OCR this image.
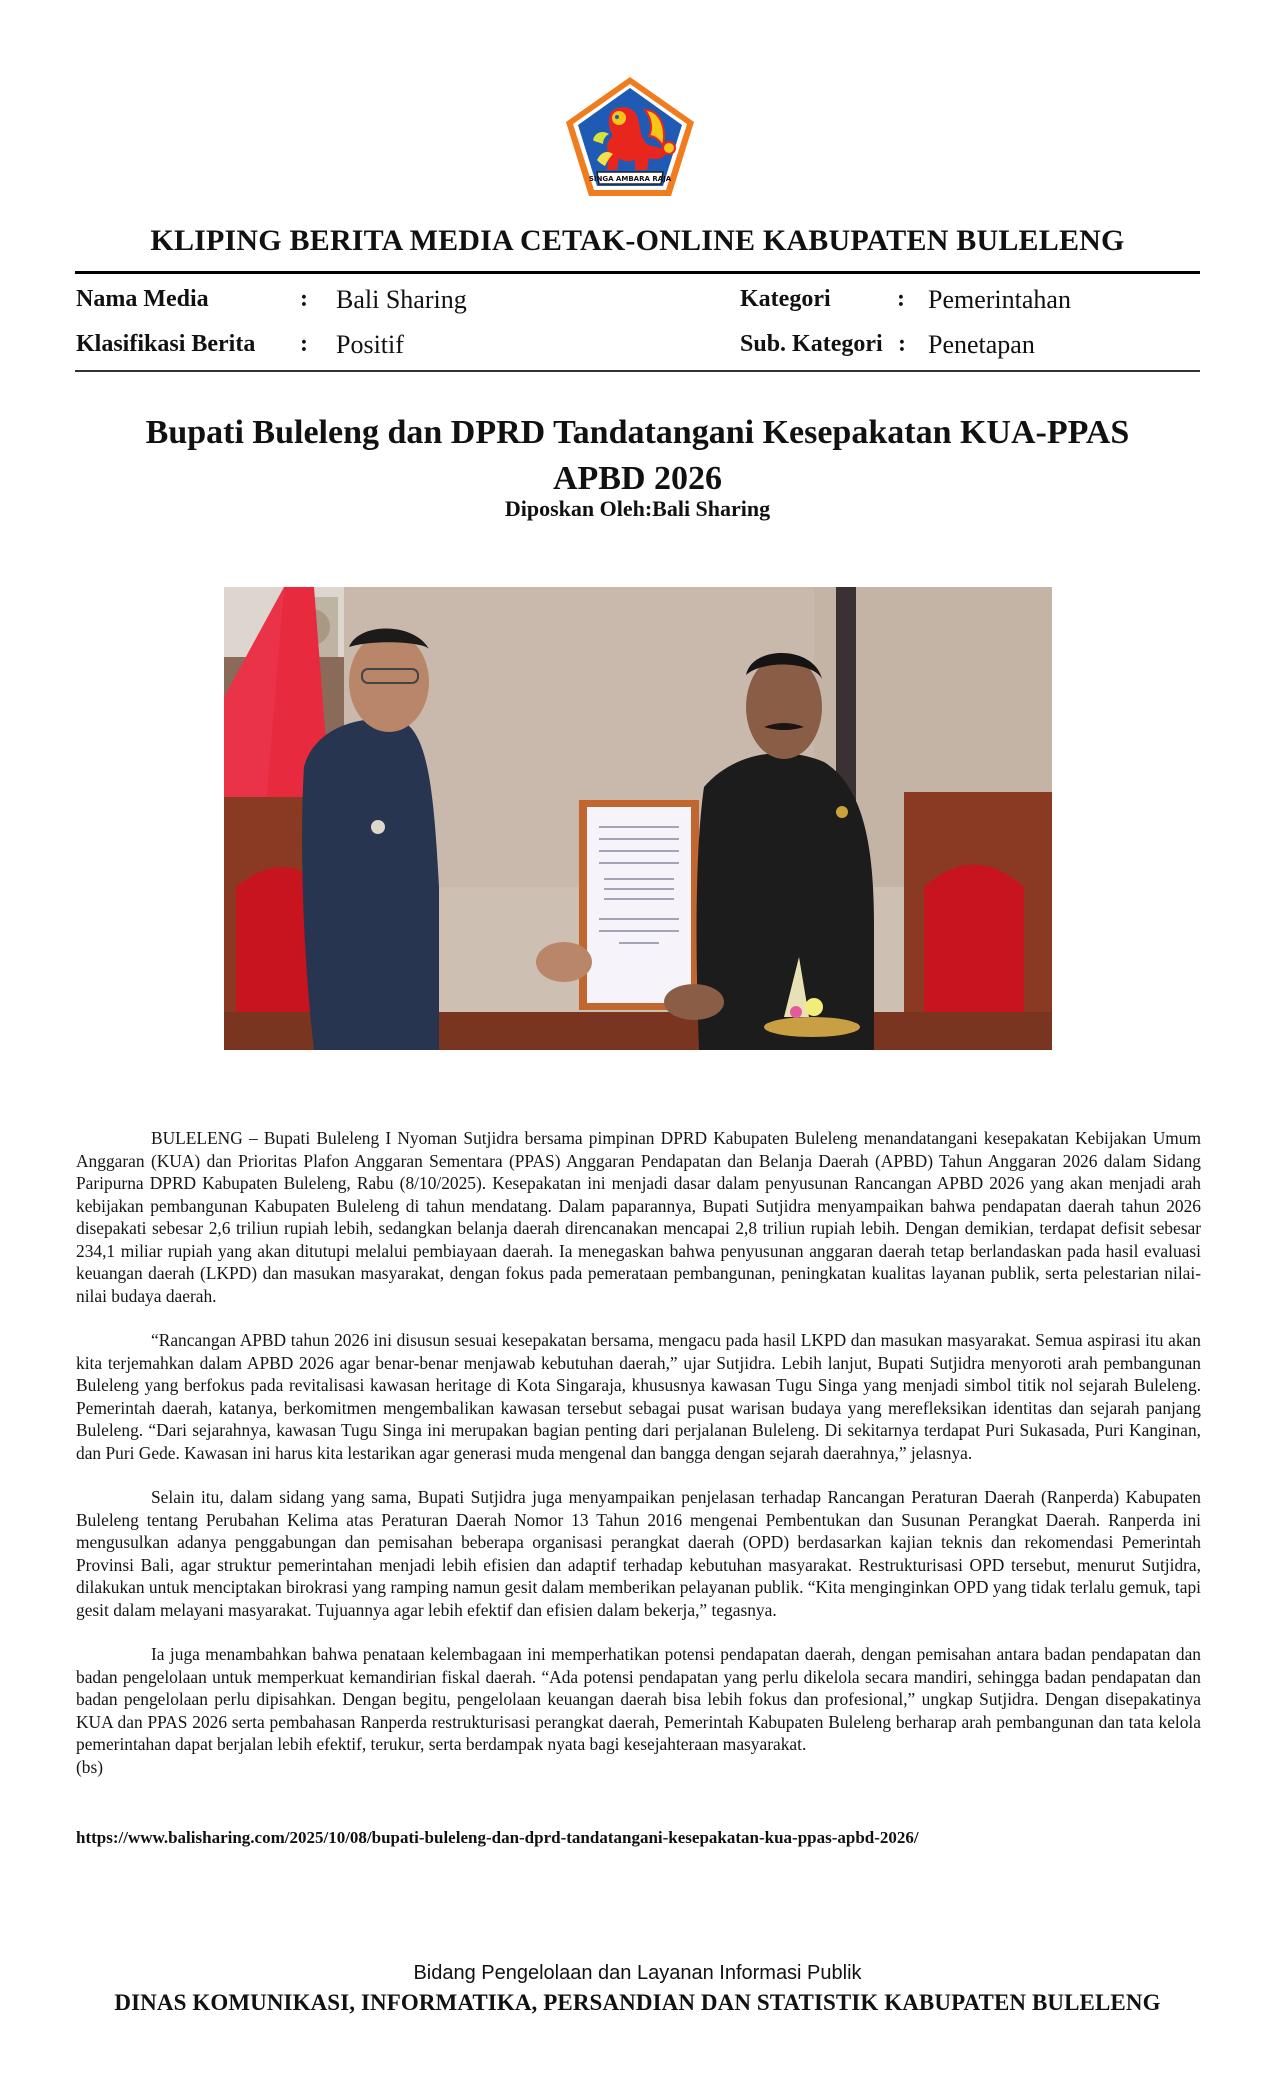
SINGA AMBARA RAJA
KLIPING BERITA MEDIA CETAK-ONLINE KABUPATEN BULELENG
Nama Media	: Bali Sharing
Klasifikasi Berita : Positif
Kategori	: Pemerintahan
Sub. Kategori : Penetapan
Bupati Buleleng dan DPRD Tandatangani Kesepakatan KUA-PPAS
APBD 2026
Diposkan Oleh:Bali Sharing

BULELENG – Bupati Buleleng I Nyoman Sutjidra bersama pimpinan DPRD Kabupaten Buleleng menandatangani kesepakatan Kebijakan Umum Anggaran (KUA) dan Prioritas Plafon Anggaran Sementara (PPAS) Anggaran Pendapatan dan Belanja Daerah (APBD) Tahun Anggaran 2026 dalam Sidang Paripurna DPRD Kabupaten Buleleng, Rabu (8/10/2025). Kesepakatan ini menjadi dasar dalam penyusunan Rancangan APBD 2026 yang akan menjadi arah kebijakan pembangunan Kabupaten Buleleng di tahun mendatang. Dalam paparannya, Bupati Sutjidra menyampaikan bahwa pendapatan daerah tahun 2026 disepakati sebesar 2,6 triliun rupiah lebih, sedangkan belanja daerah direncanakan mencapai 2,8 triliun rupiah lebih. Dengan demikian, terdapat defisit sebesar 234,1 miliar rupiah yang akan ditutupi melalui pembiayaan daerah. Ia menegaskan bahwa penyusunan anggaran daerah tetap berlandaskan pada hasil evaluasi keuangan daerah (LKPD) dan masukan masyarakat, dengan fokus pada pemerataan pembangunan, peningkatan kualitas layanan publik, serta pelestarian nilai-nilai budaya daerah.

“Rancangan APBD tahun 2026 ini disusun sesuai kesepakatan bersama, mengacu pada hasil LKPD dan masukan masyarakat. Semua aspirasi itu akan kita terjemahkan dalam APBD 2026 agar benar-benar menjawab kebutuhan daerah,” ujar Sutjidra. Lebih lanjut, Bupati Sutjidra menyoroti arah pembangunan Buleleng yang berfokus pada revitalisasi kawasan heritage di Kota Singaraja, khususnya kawasan Tugu Singa yang menjadi simbol titik nol sejarah Buleleng. Pemerintah daerah, katanya, berkomitmen mengembalikan kawasan tersebut sebagai pusat warisan budaya yang merefleksikan identitas dan sejarah panjang Buleleng. “Dari sejarahnya, kawasan Tugu Singa ini merupakan bagian penting dari perjalanan Buleleng. Di sekitarnya terdapat Puri Sukasada, Puri Kanginan, dan Puri Gede. Kawasan ini harus kita lestarikan agar generasi muda mengenal dan bangga dengan sejarah daerahnya,” jelasnya.

Selain itu, dalam sidang yang sama, Bupati Sutjidra juga menyampaikan penjelasan terhadap Rancangan Peraturan Daerah (Ranperda) Kabupaten Buleleng tentang Perubahan Kelima atas Peraturan Daerah Nomor 13 Tahun 2016 mengenai Pembentukan dan Susunan Perangkat Daerah. Ranperda ini mengusulkan adanya penggabungan dan pemisahan beberapa organisasi perangkat daerah (OPD) berdasarkan kajian teknis dan rekomendasi Pemerintah Provinsi Bali, agar struktur pemerintahan menjadi lebih efisien dan adaptif terhadap kebutuhan masyarakat. Restrukturisasi OPD tersebut, menurut Sutjidra, dilakukan untuk menciptakan birokrasi yang ramping namun gesit dalam memberikan pelayanan publik. “Kita menginginkan OPD yang tidak terlalu gemuk, tapi gesit dalam melayani masyarakat. Tujuannya agar lebih efektif dan efisien dalam bekerja,” tegasnya.

Ia juga menambahkan bahwa penataan kelembagaan ini memperhatikan potensi pendapatan daerah, dengan pemisahan antara badan pendapatan dan badan pengelolaan untuk memperkuat kemandirian fiskal daerah. “Ada potensi pendapatan yang perlu dikelola secara mandiri, sehingga badan pendapatan dan badan pengelolaan perlu dipisahkan. Dengan begitu, pengelolaan keuangan daerah bisa lebih fokus dan profesional,” ungkap Sutjidra. Dengan disepakatinya KUA dan PPAS 2026 serta pembahasan Ranperda restrukturisasi perangkat daerah, Pemerintah Kabupaten Buleleng berharap arah pembangunan dan tata kelola pemerintahan dapat berjalan lebih efektif, terukur, serta berdampak nyata bagi kesejahteraan masyarakat.

(bs)

https://www.balisharing.com/2025/10/08/bupati-buleleng-dan-dprd-tandatangani-kesepakatan-kua-ppas-apbd-2026/
Bidang Pengelolaan dan Layanan Informasi Publik
DINAS KOMUNIKASI, INFORMATIKA, PERSANDIAN DAN STATISTIK KABUPATEN BULELENG
